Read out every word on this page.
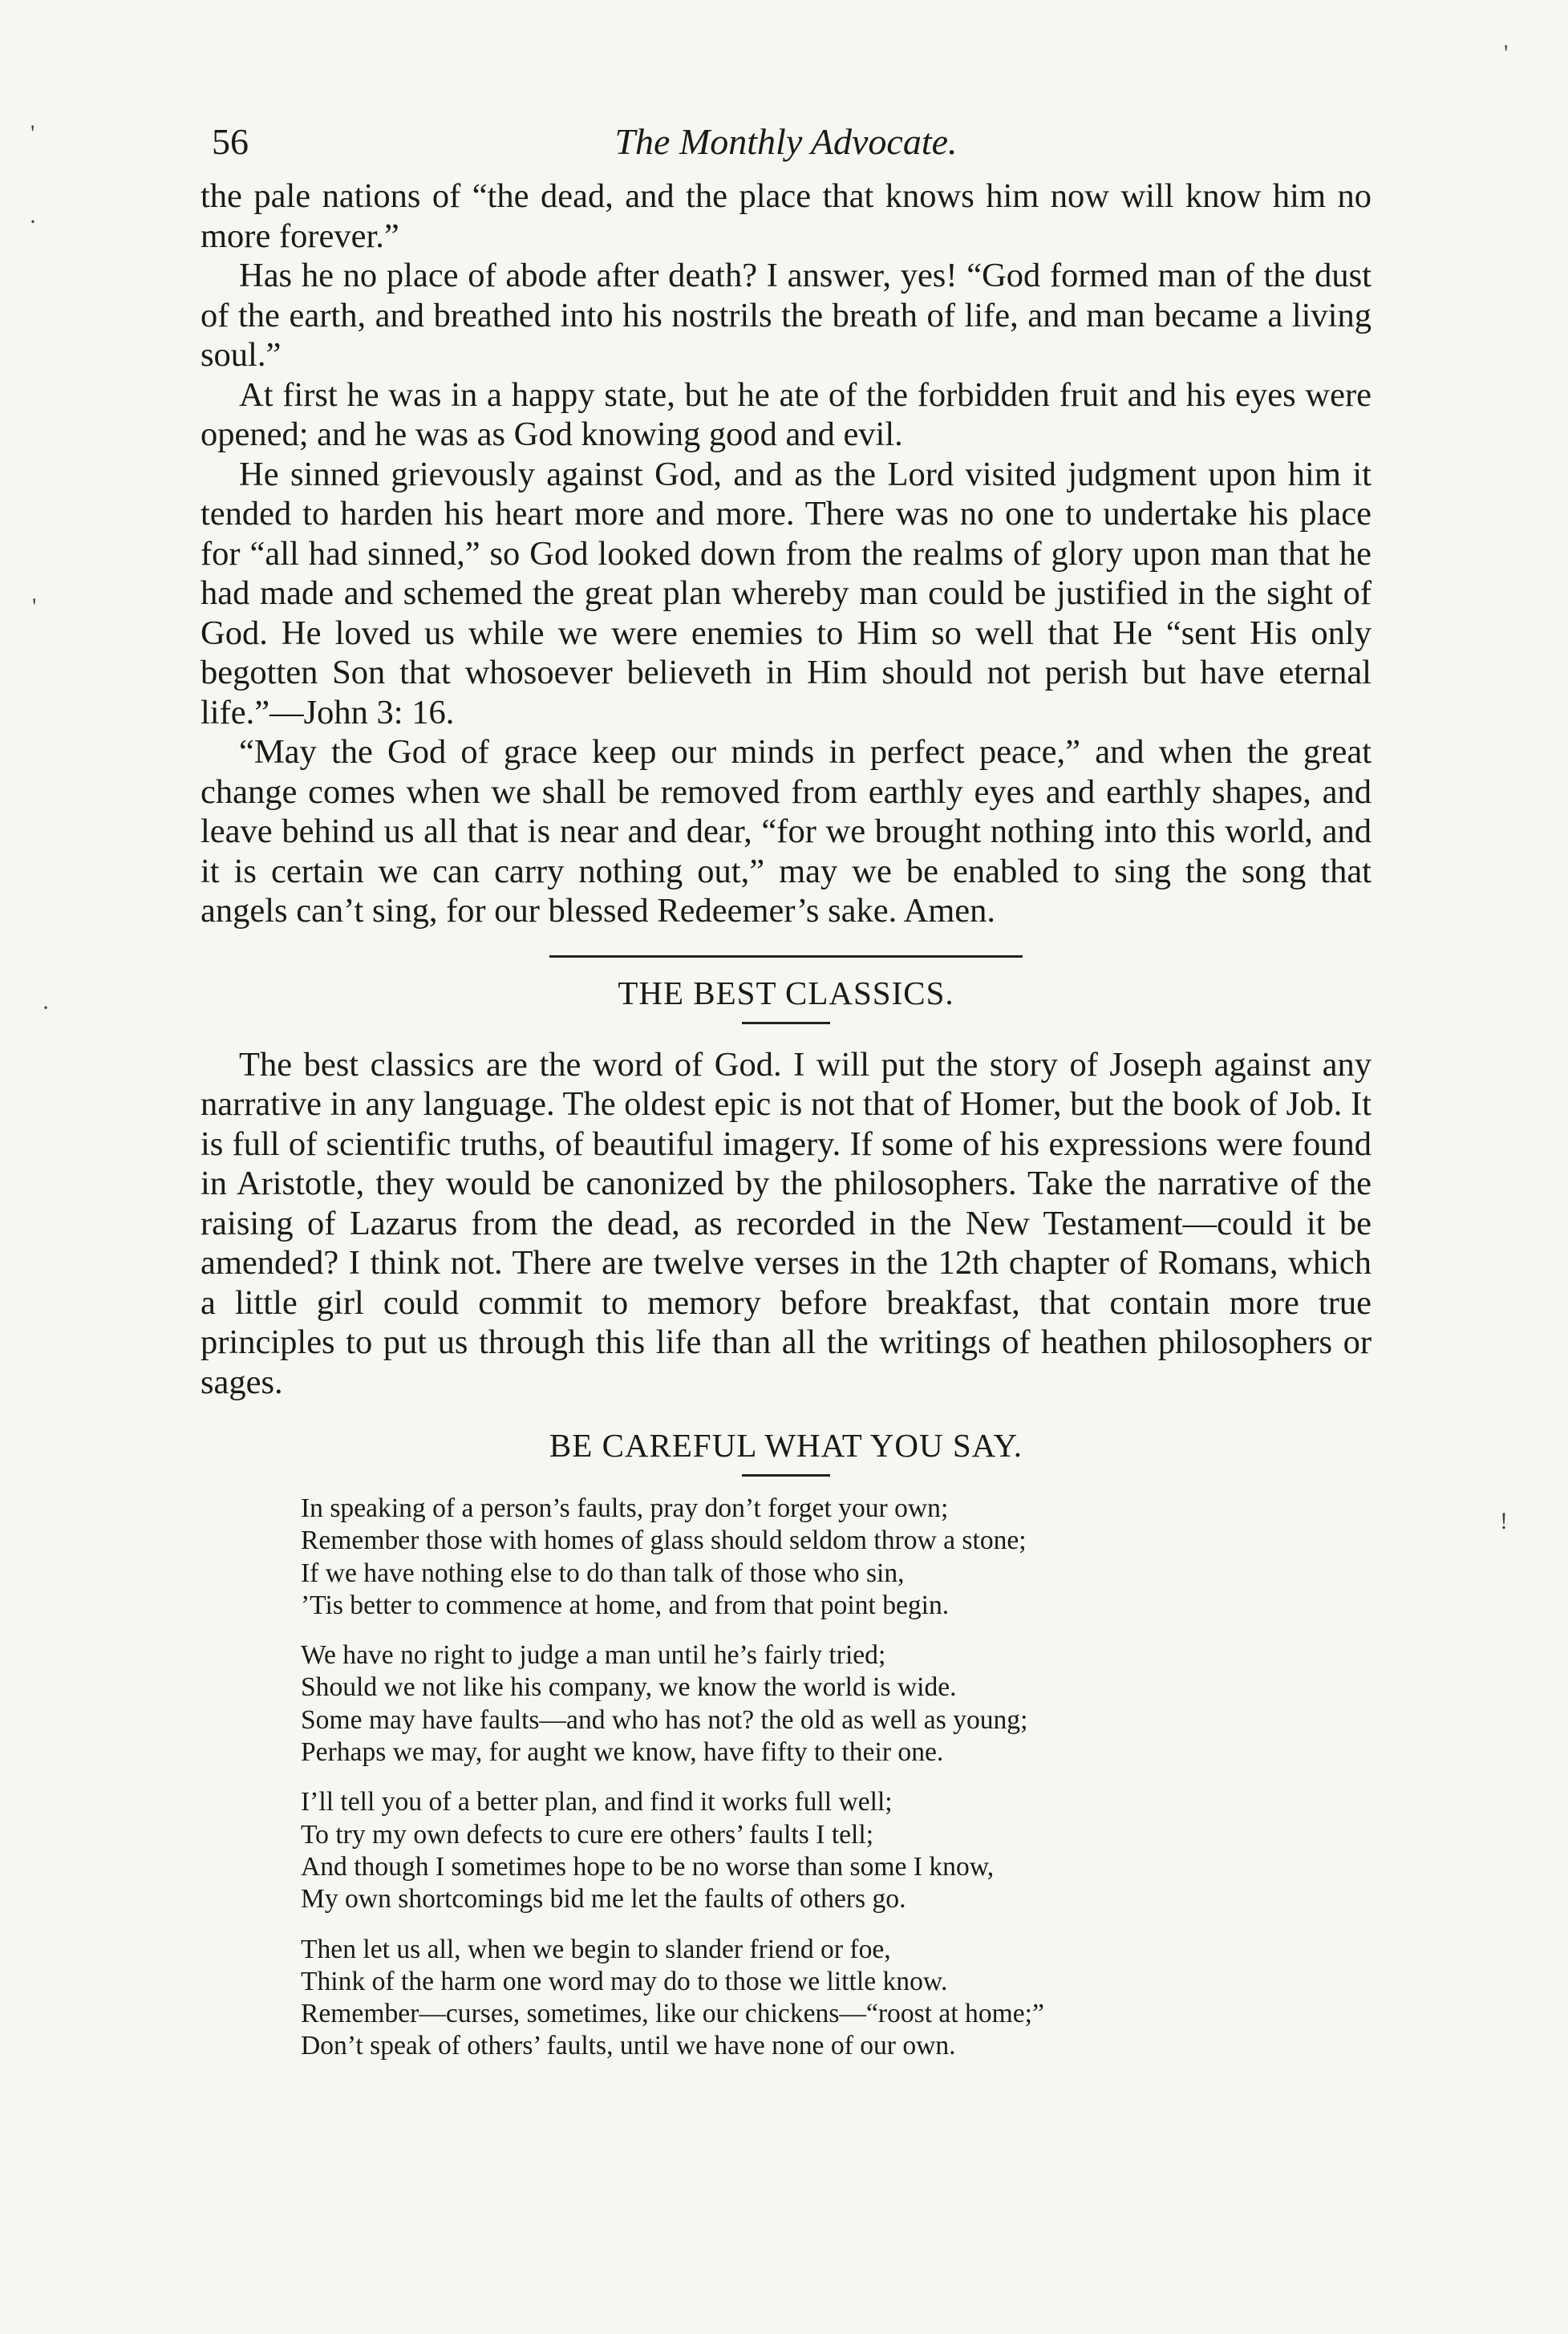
'
·
'
·
'
!
56	The Monthly Advocate.

the pale nations of “the dead, and the place that knows him now will know him no more forever.”

Has he no place of abode after death? I answer, yes! “God formed man of the dust of the earth, and breathed into his nostrils the breath of life, and man became a living soul.”

At first he was in a happy state, but he ate of the forbidden fruit and his eyes were opened; and he was as God knowing good and evil.

He sinned grievously against God, and as the Lord visited judgment upon him it tended to harden his heart more and more. There was no one to undertake his place for “all had sinned,” so God looked down from the realms of glory upon man that he had made and schemed the great plan whereby man could be justified in the sight of God. He loved us while we were enemies to Him so well that He “sent His only begotten Son that whosoever believeth in Him should not perish but have eternal life.”—John 3: 16.

“May the God of grace keep our minds in perfect peace,” and when the great change comes when we shall be removed from earthly eyes and earthly shapes, and leave behind us all that is near and dear, “for we brought nothing into this world, and it is certain we can carry nothing out,” may we be enabled to sing the song that angels can’t sing, for our blessed Redeemer’s sake. Amen.

THE BEST CLASSICS.

The best classics are the word of God. I will put the story of Joseph against any narrative in any language. The oldest epic is not that of Homer, but the book of Job. It is full of scientific truths, of beautiful imagery. If some of his expressions were found in Aristotle, they would be canonized by the philosophers. Take the narrative of the raising of Lazarus from the dead, as recorded in the New Testament—could it be amended? I think not. There are twelve verses in the 12th chapter of Romans, which a little girl could commit to memory before breakfast, that contain more true principles to put us through this life than all the writings of heathen philosophers or sages.

BE CAREFUL WHAT YOU SAY.
In speaking of a person’s faults, pray don’t forget your own;
Remember those with homes of glass should seldom throw a stone;
If we have nothing else to do than talk of those who sin,
’Tis better to commence at home, and from that point begin.
We have no right to judge a man until he’s fairly tried;
Should we not like his company, we know the world is wide.
Some may have faults—and who has not? the old as well as young;
Perhaps we may, for aught we know, have fifty to their one.
I’ll tell you of a better plan, and find it works full well;
To try my own defects to cure ere others’ faults I tell;
And though I sometimes hope to be no worse than some I know,
My own shortcomings bid me let the faults of others go.
Then let us all, when we begin to slander friend or foe,
Think of the harm one word may do to those we little know.
Remember—curses, sometimes, like our chickens—“roost at home;”
Don’t speak of others’ faults, until we have none of our own.
